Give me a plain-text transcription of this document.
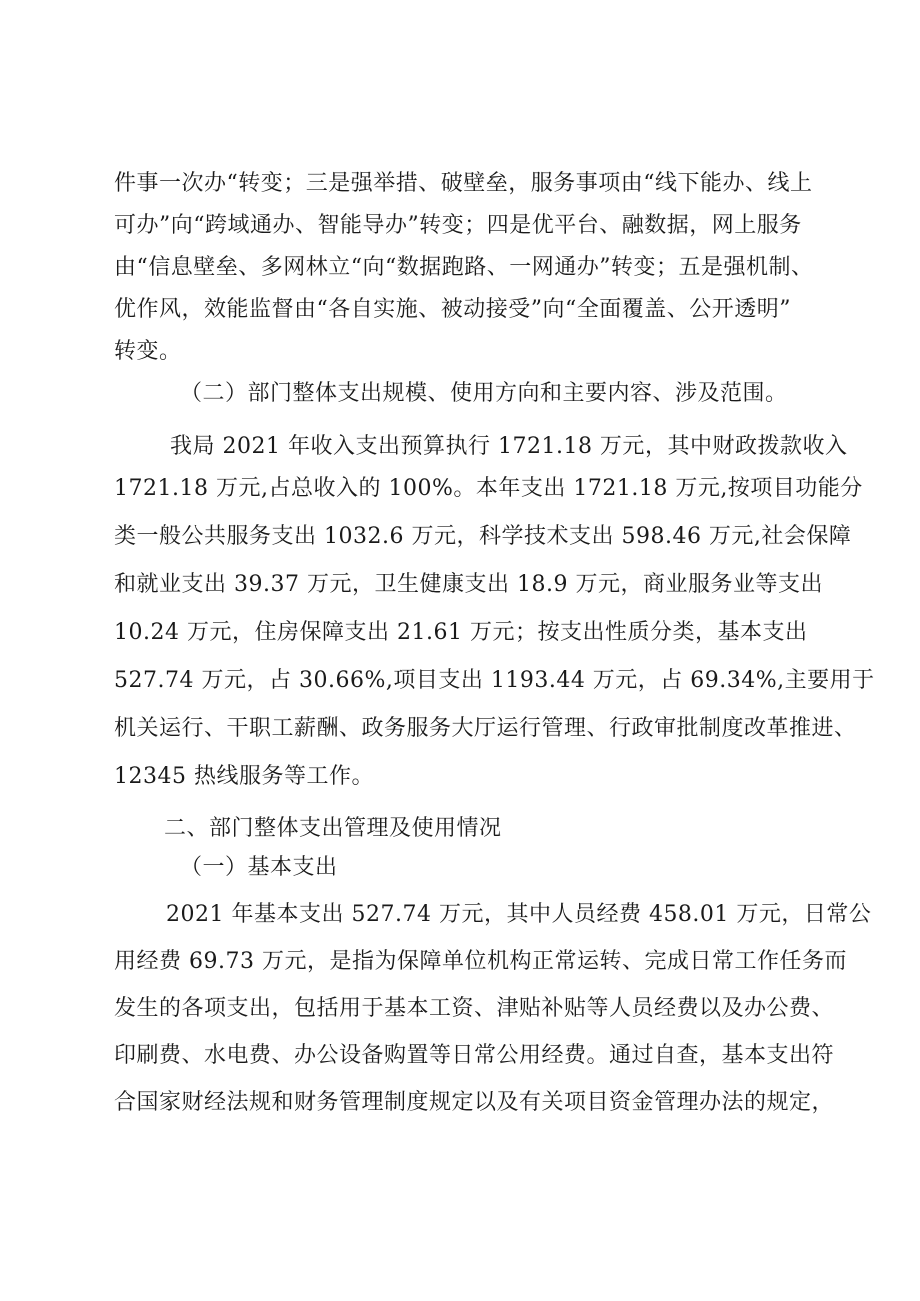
件事一次办“转变；三是强举措、破壁垒，服务事项由“线下能办、线上
可办”向“跨域通办、智能导办”转变；四是优平台、融数据，网上服务
由“信息壁垒、多网林立“向“数据跑路、一网通办”转变；五是强机制、
优作风，效能监督由“各自实施、被动接受”向“全面覆盖、公开透明”
转变。
（二）部门整体支出规模、使用方向和主要内容、涉及范围。
我局 2021 年收入支出预算执行 1721.18 万元，其中财政拨款收入
1721.18 万元,占总收入的 100%。本年支出 1721.18 万元,按项目功能分
类一般公共服务支出 1032.6 万元，科学技术支出 598.46 万元,社会保障
和就业支出 39.37 万元，卫生健康支出 18.9 万元，商业服务业等支出
10.24 万元，住房保障支出 21.61 万元；按支出性质分类，基本支出
527.74 万元，占 30.66%,项目支出 1193.44 万元，占 69.34%,主要用于
机关运行、干职工薪酬、政务服务大厅运行管理、行政审批制度改革推进、
12345 热线服务等工作。
二、部门整体支出管理及使用情况
（一）基本支出
2021 年基本支出 527.74 万元，其中人员经费 458.01 万元，日常公
用经费 69.73 万元，是指为保障单位机构正常运转、完成日常工作任务而
发生的各项支出，包括用于基本工资、津贴补贴等人员经费以及办公费、
印刷费、水电费、办公设备购置等日常公用经费。通过自查，基本支出符
合国家财经法规和财务管理制度规定以及有关项目资金管理办法的规定，
